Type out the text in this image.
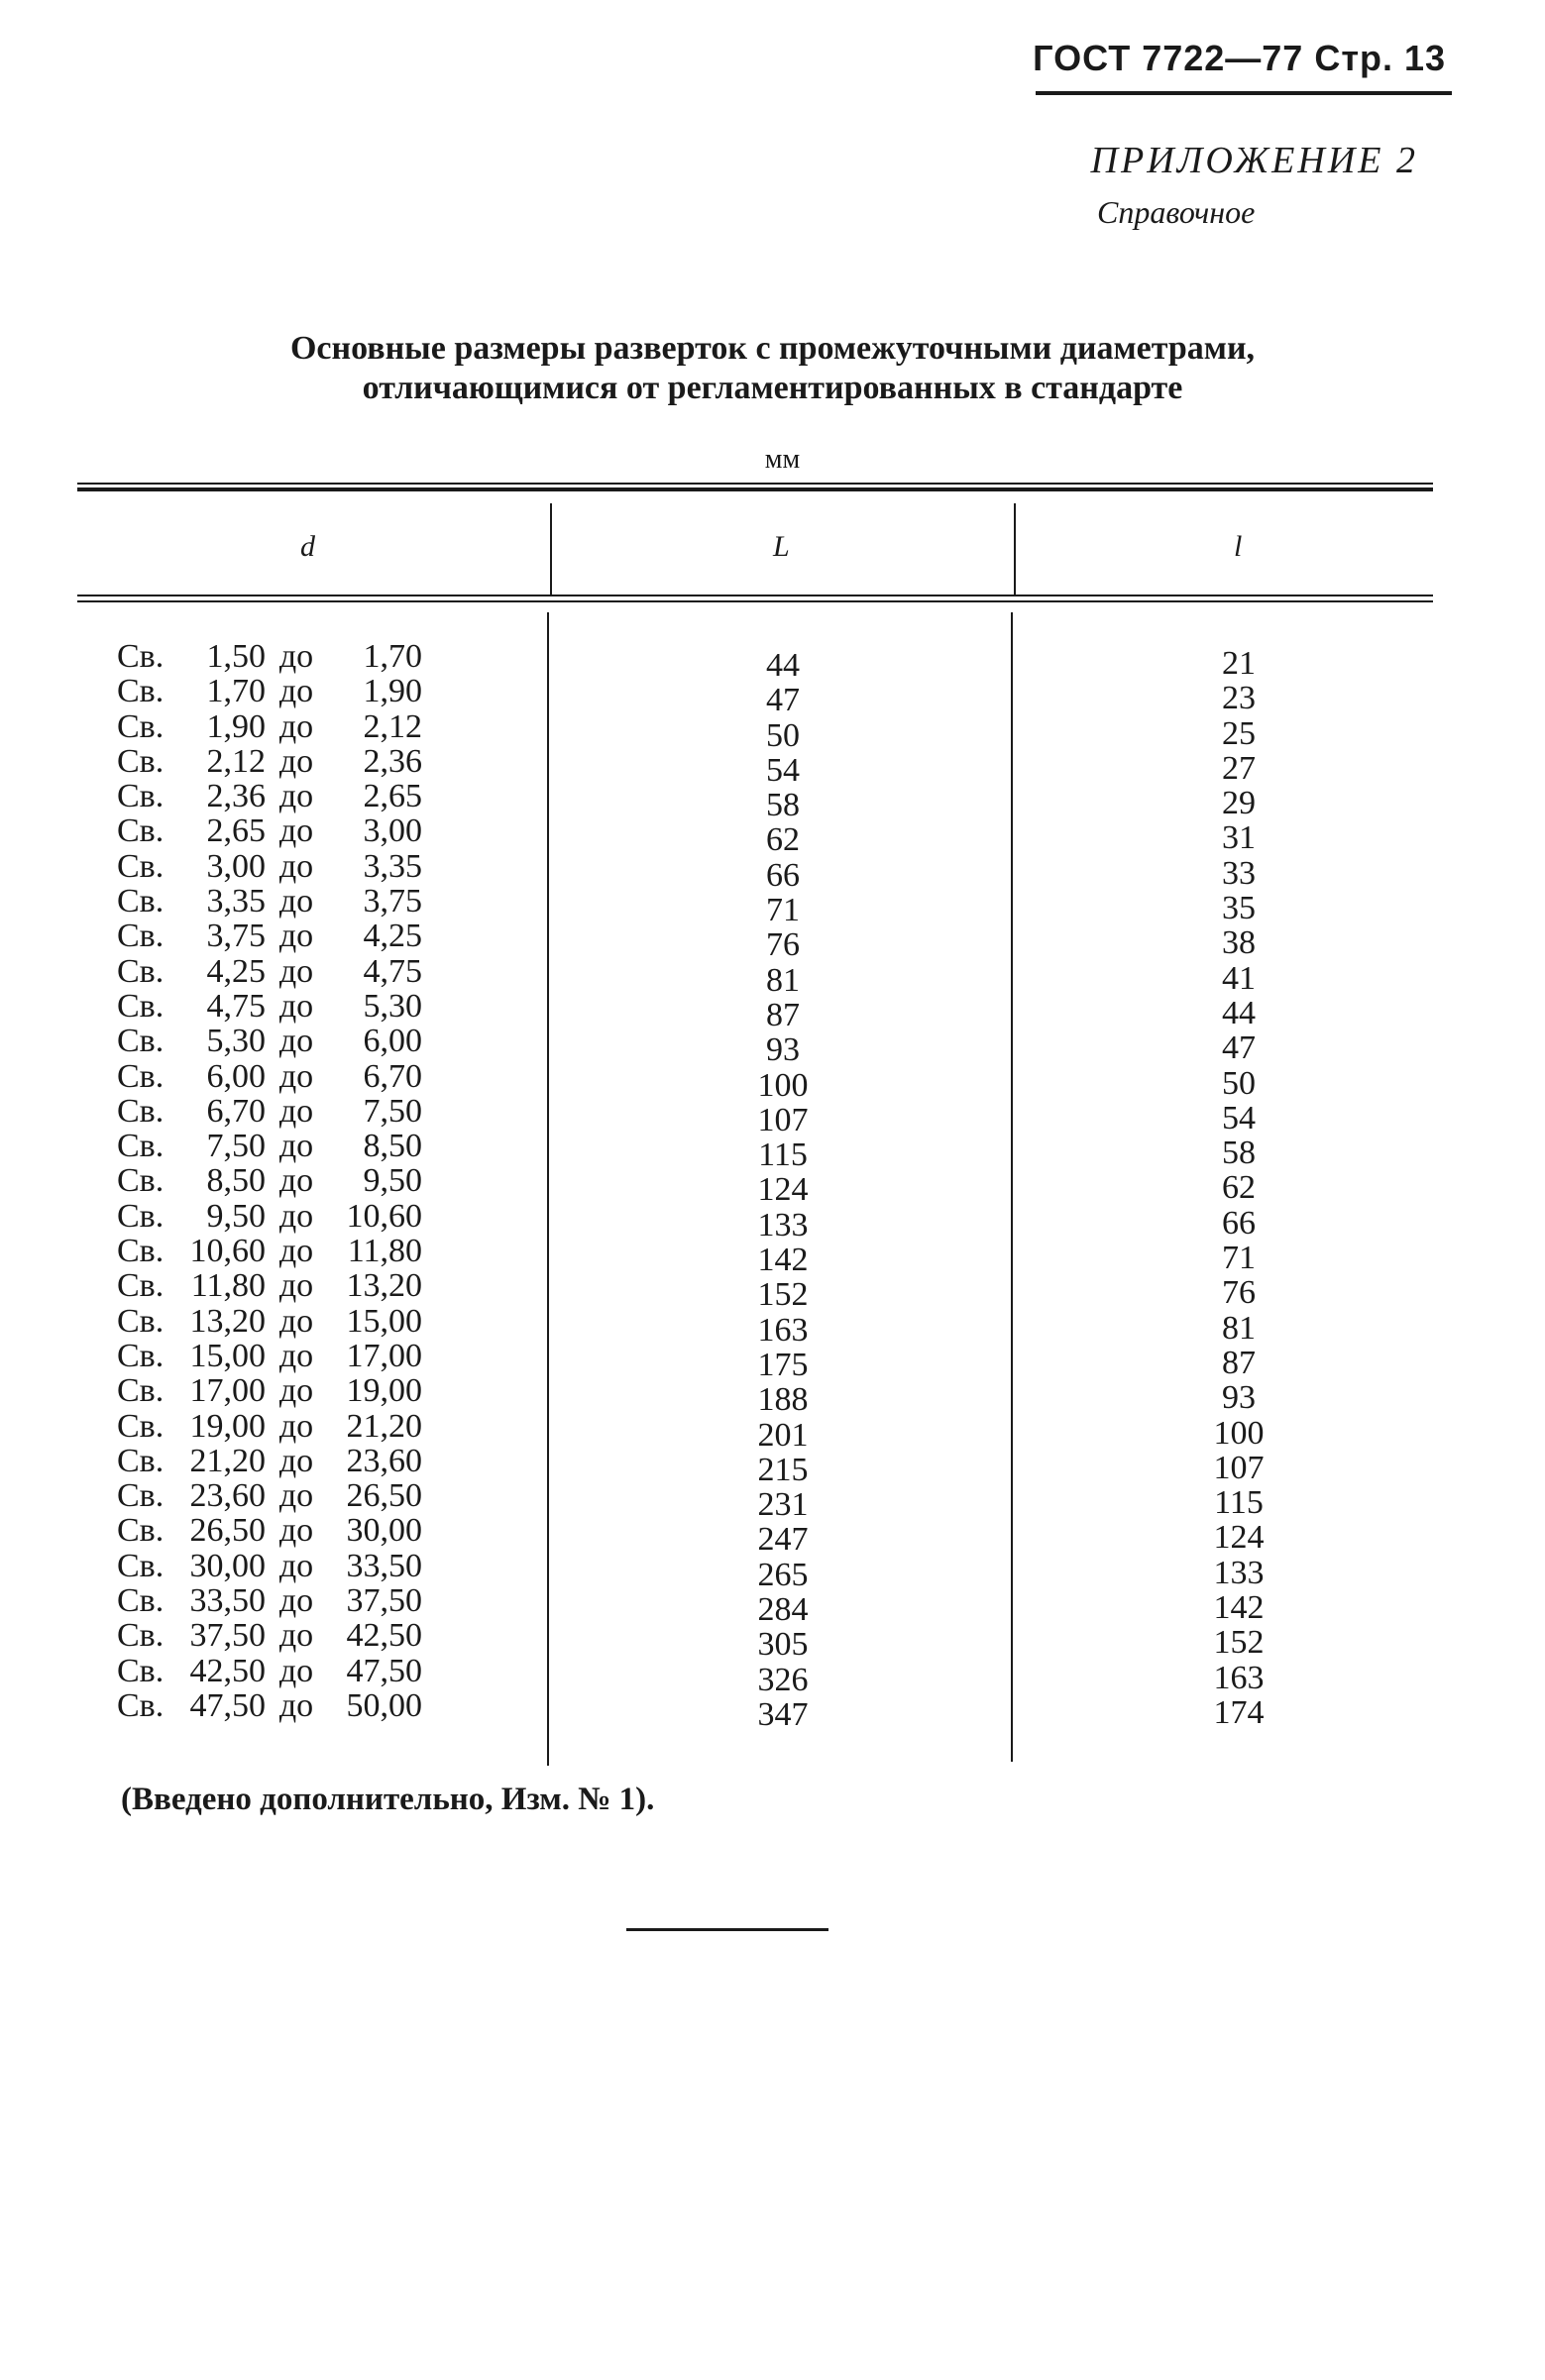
ГОСТ 7722—77 Стр. 13
ПРИЛОЖЕНИЕ 2
Справочное
Основные размеры разверток с промежуточными диаметрами,
отличающимися от регламентированных в стандарте
мм
d	L	l
Св. 1,50 до 1,70
Св. 1,70 до 1,90
Св. 1,90 до 2,12
Св. 2,12 до 2,36
Св. 2,36 до 2,65
Св. 2,65 до 3,00
Св. 3,00 до 3,35
Св. 3,35 до 3,75
Св. 3,75 до 4,25
Св. 4,25 до 4,75
Св. 4,75 до 5,30
Св. 5,30 до 6,00
Св. 6,00 до 6,70
Св. 6,70 до 7,50
Св. 7,50 до 8,50
Св. 8,50 до 9,50
Св. 9,50 до 10,60
Св. 10,60 до 11,80
Св. 11,80 до 13,20
Св. 13,20 до 15,00
Св. 15,00 до 17,00
Св. 17,00 до 19,00
Св. 19,00 до 21,20
Св. 21,20 до 23,60
Св. 23,60 до 26,50
Св. 26,50 до 30,00
Св. 30,00 до 33,50
Св. 33,50 до 37,50
Св. 37,50 до 42,50
Св. 42,50 до 47,50
Св. 47,50 до 50,00
44
47
50
54
58
62
66
71
76
81
87
93
100
107
115
124
133
142
152
163
175
188
201
215
231
247
265
284
305
326
347
21
23
25
27
29
31
33
35
38
41
44
47
50
54
58
62
66
71
76
81
87
93
100
107
115
124
133
142
152
163
174
(Введено дополнительно, Изм. № 1).
